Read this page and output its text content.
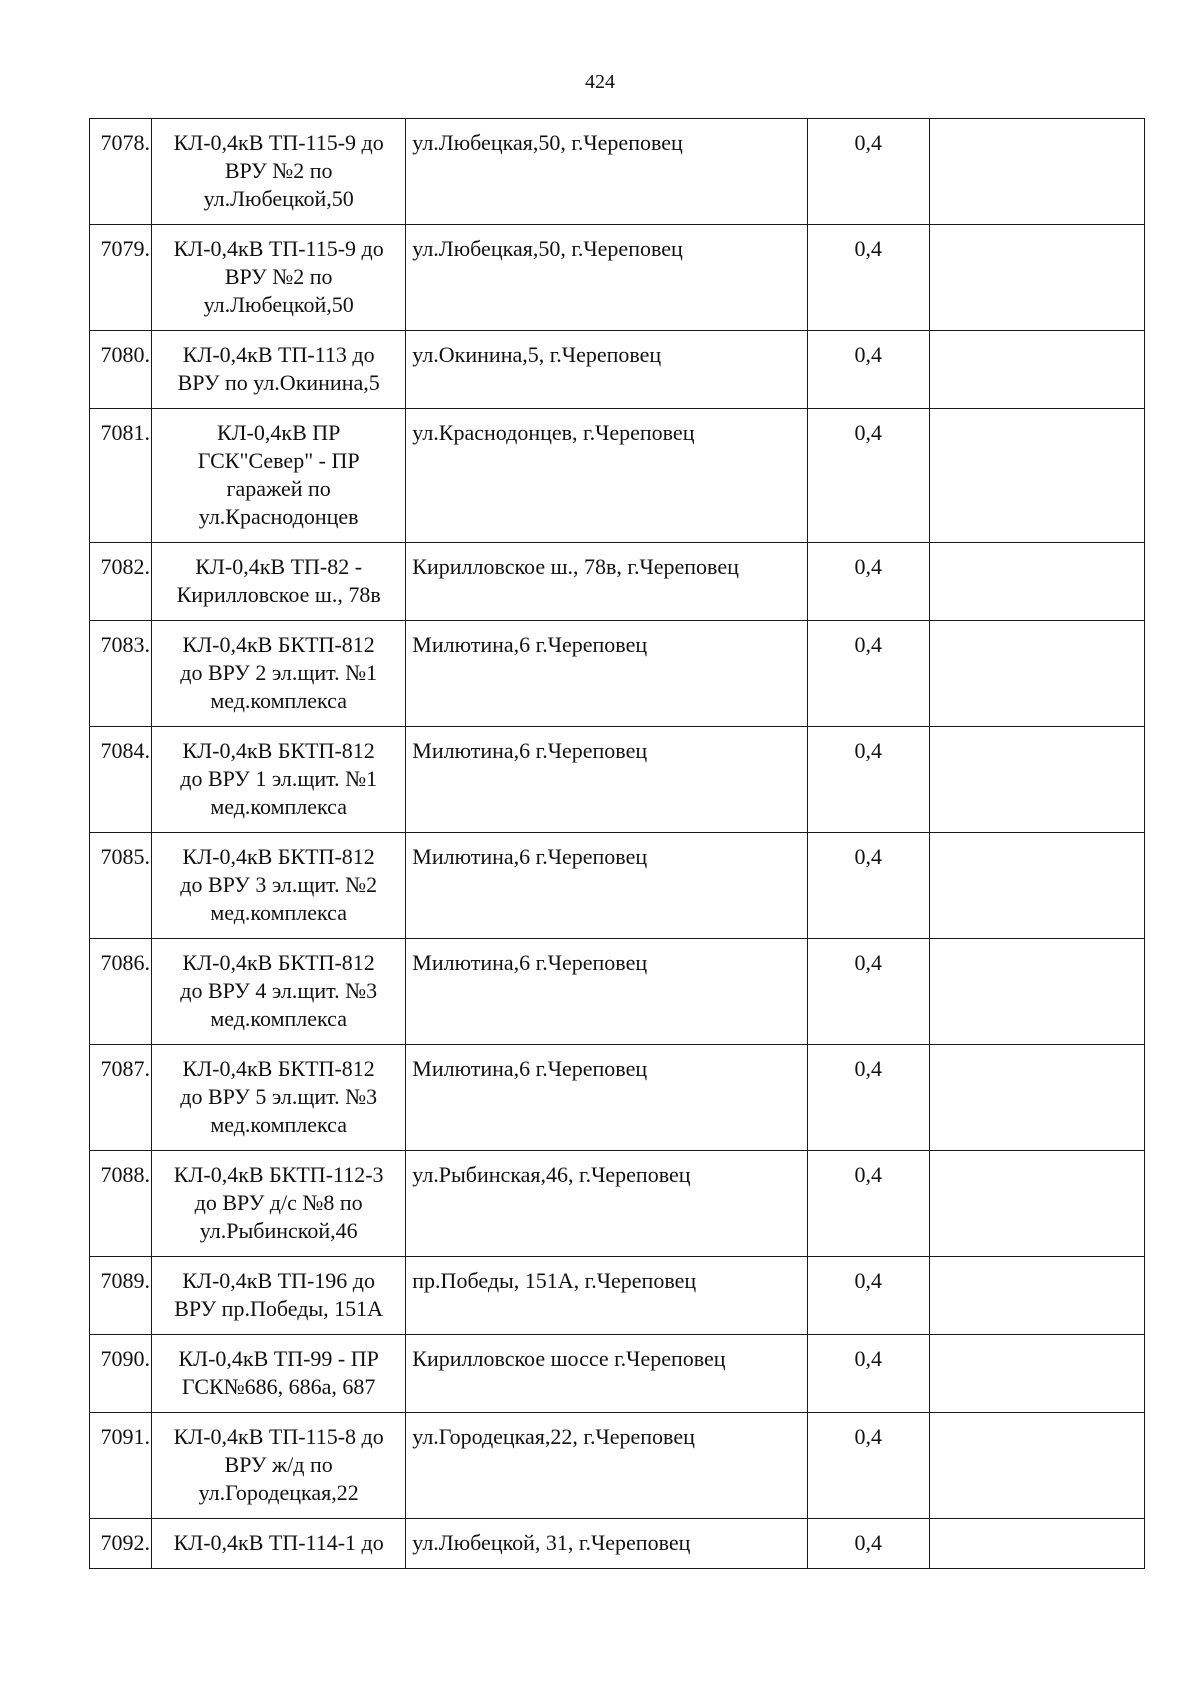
424
7078.	КЛ-0,4кВ ТП-115-9 до
ВРУ №2 по
ул.Любецкой,50	ул.Любецкая,50, г.Череповец	0,4	
7079.	КЛ-0,4кВ ТП-115-9 до
ВРУ №2 по
ул.Любецкой,50	ул.Любецкая,50, г.Череповец	0,4	
7080.	КЛ-0,4кВ ТП-113 до
ВРУ по ул.Окинина,5	ул.Окинина,5, г.Череповец	0,4	
7081.	КЛ-0,4кВ ПР
ГСК"Север" - ПР
гаражей по
ул.Краснодонцев	ул.Краснодонцев, г.Череповец	0,4	
7082.	КЛ-0,4кВ ТП-82 -
Кирилловское ш., 78в	Кирилловское ш., 78в, г.Череповец	0,4	
7083.	КЛ-0,4кВ БКТП-812
до ВРУ 2 эл.щит. №1
мед.комплекса	Милютина,6 г.Череповец	0,4	
7084.	КЛ-0,4кВ БКТП-812
до ВРУ 1 эл.щит. №1
мед.комплекса	Милютина,6 г.Череповец	0,4	
7085.	КЛ-0,4кВ БКТП-812
до ВРУ 3 эл.щит. №2
мед.комплекса	Милютина,6 г.Череповец	0,4	
7086.	КЛ-0,4кВ БКТП-812
до ВРУ 4 эл.щит. №3
мед.комплекса	Милютина,6 г.Череповец	0,4	
7087.	КЛ-0,4кВ БКТП-812
до ВРУ 5 эл.щит. №3
мед.комплекса	Милютина,6 г.Череповец	0,4	
7088.	КЛ-0,4кВ БКТП-112-3
до ВРУ д/с №8 по
ул.Рыбинской,46	ул.Рыбинская,46, г.Череповец	0,4	
7089.	КЛ-0,4кВ ТП-196 до
ВРУ пр.Победы, 151А	пр.Победы, 151А, г.Череповец	0,4	
7090.	КЛ-0,4кВ ТП-99 - ПР
ГСК№686, 686а, 687	Кирилловское шоссе г.Череповец	0,4	
7091.	КЛ-0,4кВ ТП-115-8 до
ВРУ ж/д по
ул.Городецкая,22	ул.Городецкая,22, г.Череповец	0,4	
7092.	КЛ-0,4кВ ТП-114-1 до	ул.Любецкой, 31, г.Череповец	0,4	
